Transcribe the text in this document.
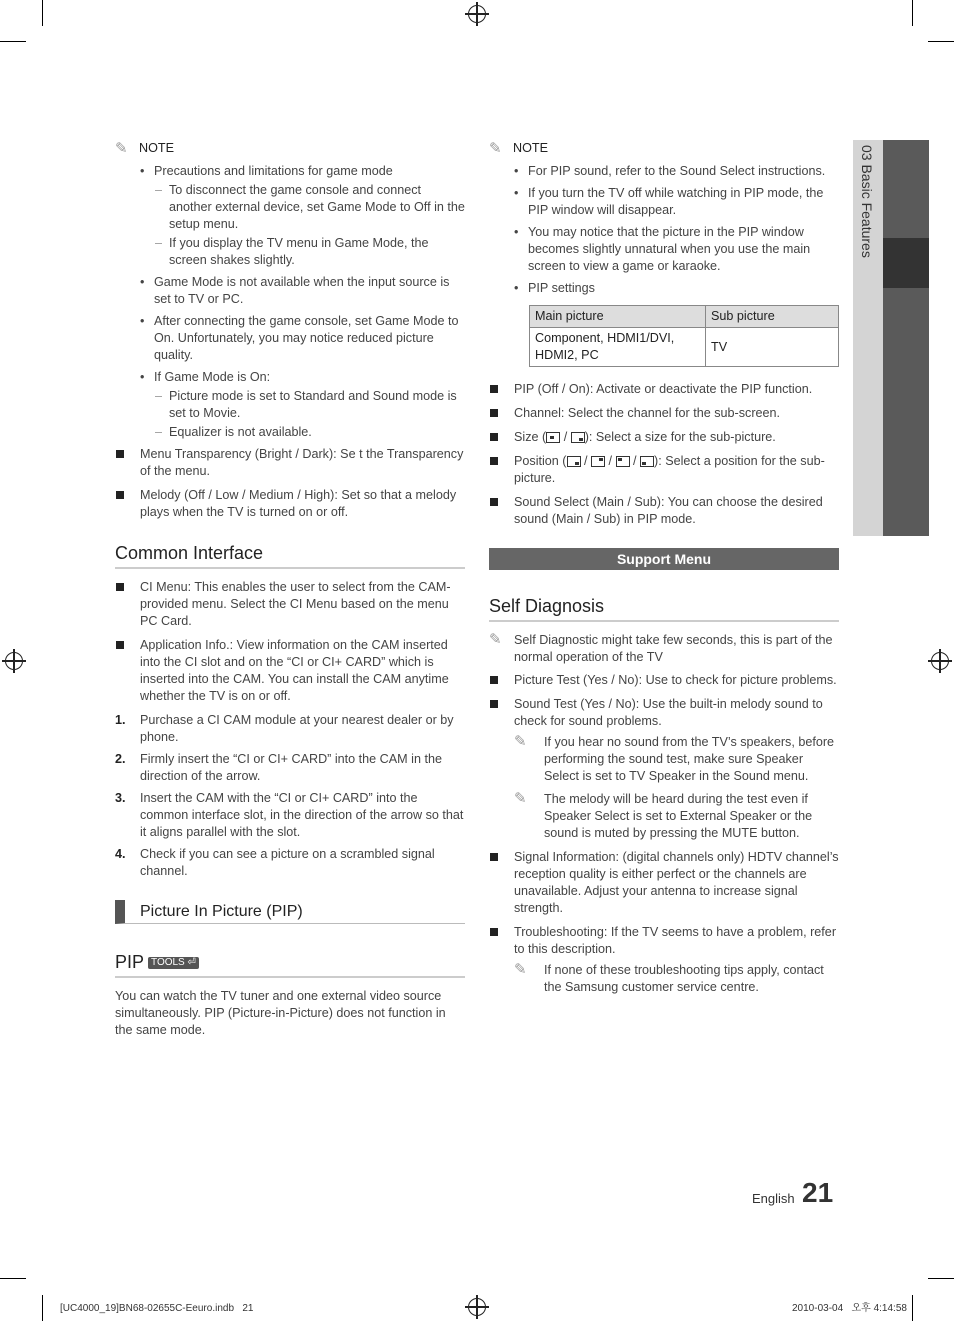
03 Basic Features
✎ NOTE
• Precautions and limitations for game mode
– To disconnect the game console and connect another external device, set Game Mode to Off in the setup menu.
– If you display the TV menu in Game Mode, the screen shakes slightly.
• Game Mode is not available when the input source is set to TV or PC.
• After connecting the game console, set Game Mode to On. Unfortunately, you may notice reduced picture quality.
• If Game Mode is On:
– Picture mode is set to Standard and Sound mode is set to Movie.
– Equalizer is not available.
Menu Transparency (Bright / Dark): Se t the Transparency of the menu.
Melody (Off / Low / Medium / High): Set so that a melody plays when the TV is turned on or off.
Common Interface
CI Menu: This enables the user to select from the CAM-provided menu. Select the CI Menu based on the menu PC Card.
Application Info.: View information on the CAM inserted into the CI slot and on the “CI or CI+ CARD” which is inserted into the CAM. You can install the CAM anytime whether the TV is on or off.
1. Purchase a CI CAM module at your nearest dealer or by phone.
2. Firmly insert the “CI or CI+ CARD” into the CAM in the direction of the arrow.
3. Insert the CAM with the “CI or CI+ CARD” into the common interface slot, in the direction of the arrow so that it aligns parallel with the slot.
4. Check if you can see a picture on a scrambled signal channel.
Picture In Picture (PIP)
PIP TOOLS ⏎
You can watch the TV tuner and one external video source simultaneously. PIP (Picture-in-Picture) does not function in the same mode.
✎ NOTE
• For PIP sound, refer to the Sound Select instructions.
• If you turn the TV off while watching in PIP mode, the PIP window will disappear.
• You may notice that the picture in the PIP window becomes slightly unnatural when you use the main screen to view a game or karaoke.
• PIP settings
Main picture	Sub picture
Component, HDMI1/DVI, HDMI2, PC	TV
PIP (Off / On): Activate or deactivate the PIP function.
Channel: Select the channel for the sub-screen.
Size (
/
): Select a size for the sub-picture.
Position (
/
/
/
): Select a position for the sub-picture.
Sound Select (Main / Sub): You can choose the desired sound (Main / Sub) in PIP mode.
Support Menu
Self Diagnosis
✎ Self Diagnostic might take few seconds, this is part of the normal operation of the TV
Picture Test (Yes / No): Use to check for picture problems.
Sound Test (Yes / No): Use the built-in melody sound to check for sound problems.
✎	If you hear no sound from the TV’s speakers, before performing the sound test, make sure Speaker Select is set to TV Speaker in the Sound menu.
✎	The melody will be heard during the test even if Speaker Select is set to External Speaker or the sound is muted by pressing the MUTE button.
Signal Information: (digital channels only) HDTV channel’s reception quality is either perfect or the channels are unavailable. Adjust your antenna to increase signal strength.
Troubleshooting: If the TV seems to have a problem, refer to this description.
✎	If none of these troubleshooting tips apply, contact the Samsung customer service centre.
English 21
[UC4000_19]BN68-02655C-Eeuro.indb   21	2010-03-04   오후 4:14:58
